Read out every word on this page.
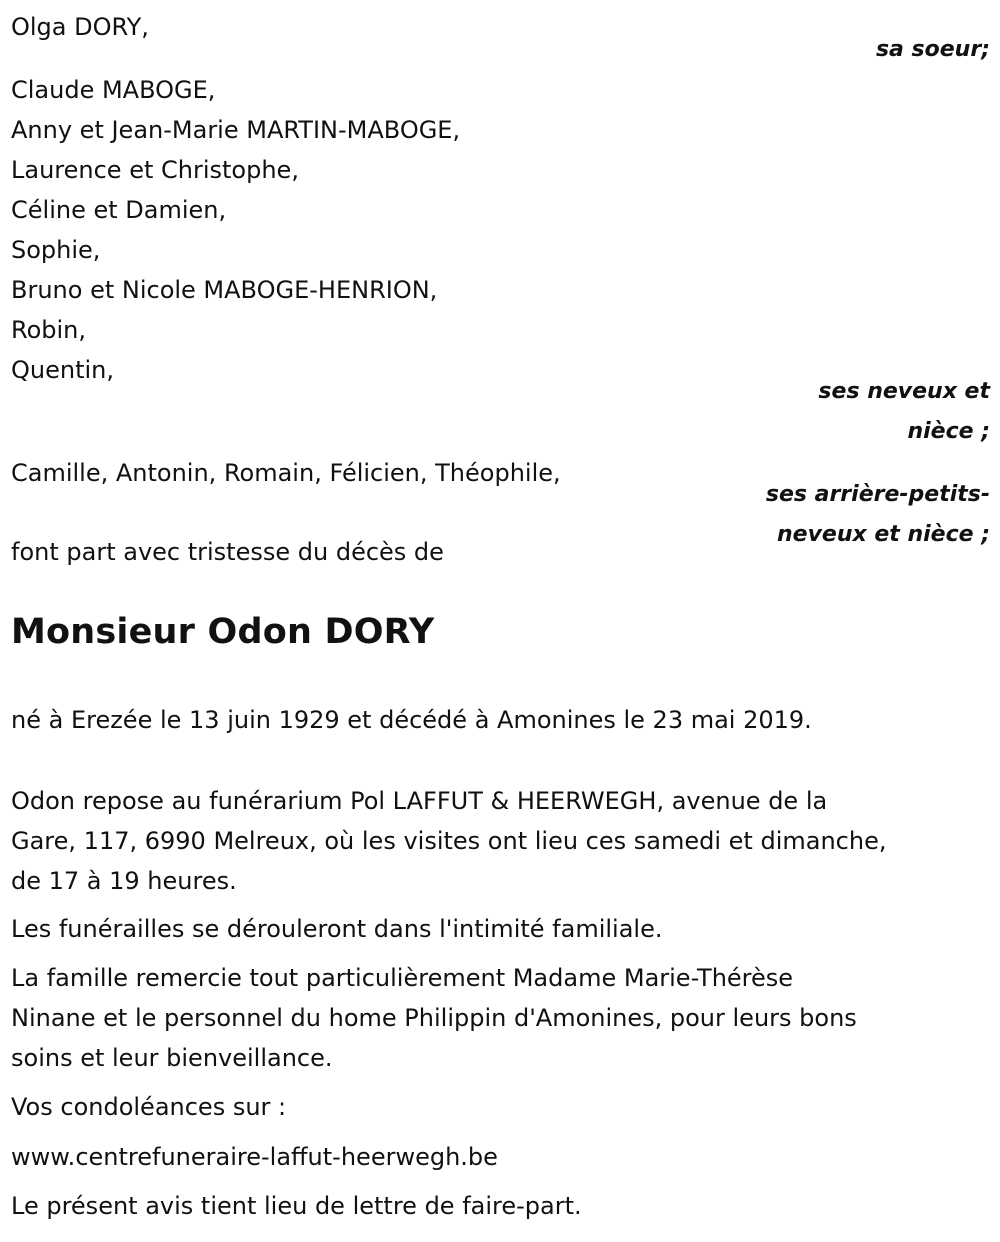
Olga DORY,
sa soeur;
Claude MABOGE,
Anny et Jean-Marie MARTIN-MABOGE,
Laurence et Christophe,
Céline et Damien,
Sophie,
Bruno et Nicole MABOGE-HENRION,
Robin,
Quentin,
ses neveux et
nièce ;
Camille, Antonin, Romain, Félicien, Théophile,
ses arrière-petits-
neveux et nièce ;
font part avec tristesse du décès de
Monsieur Odon DORY
né à Erezée le 13 juin 1929 et décédé à Amonines le 23 mai 2019.
Odon repose au funérarium Pol LAFFUT & HEERWEGH, avenue de la
Gare, 117, 6990 Melreux, où les visites ont lieu ces samedi et dimanche,
de 17 à 19 heures.
Les funérailles se dérouleront dans l'intimité familiale.
La famille remercie tout particulièrement Madame Marie-Thérèse
Ninane et le personnel du home Philippin d'Amonines, pour leurs bons
soins et leur bienveillance.
Vos condoléances sur :
www.centrefuneraire-laffut-heerwegh.be
Le présent avis tient lieu de lettre de faire-part.
